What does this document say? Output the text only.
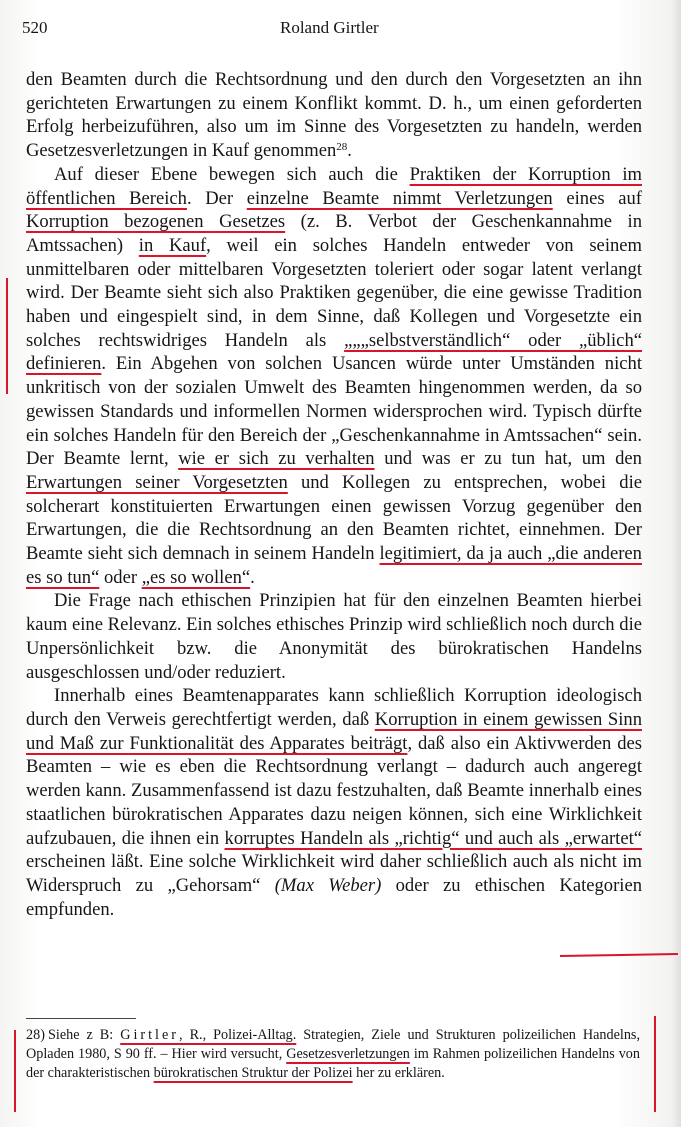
520	Roland Girtler

den Beamten durch die Rechtsordnung und den durch den Vorgesetzten an ihn gerichteten Erwartungen zu einem Konflikt kommt. D. h., um einen geforderten Erfolg herbeizuführen, also um im Sinne des Vorgesetzten zu handeln, werden Gesetzesverletzungen in Kauf genommen$^{28}$.

Auf dieser Ebene bewegen sich auch die Praktiken der Korruption im öffentlichen Bereich. Der einzelne Beamte nimmt Verletzungen eines auf Korruption bezogenen Gesetzes (z. B. Verbot der Geschenkannahme in Amtssachen) in Kauf, weil ein solches Handeln entweder von seinem unmittelbaren oder mittelbaren Vorgesetzten toleriert oder sogar latent verlangt wird. Der Beamte sieht sich also Praktiken gegenüber, die eine gewisse Tradition haben und eingespielt sind, in dem Sinne, daß Kollegen und Vorgesetzte ein solches rechtswidriges Handeln als „„„selbstverständlich“ oder „üblich“ definieren. Ein Abgehen von solchen Usancen würde unter Umständen nicht unkritisch von der sozialen Umwelt des Beamten hingenommen werden, da so gewissen Standards und informellen Normen widersprochen wird. Typisch dürfte ein solches Handeln für den Bereich der „Geschenkannahme in Amtssachen“ sein. Der Beamte lernt, wie er sich zu verhalten und was er zu tun hat, um den Erwartungen seiner Vorgesetzten und Kollegen zu entsprechen, wobei die solcherart konstituierten Erwartungen einen gewissen Vorzug gegenüber den Erwartungen, die die Rechtsordnung an den Beamten richtet, einnehmen. Der Beamte sieht sich demnach in seinem Handeln legitimiert, da ja auch „die anderen es so tun“ oder „es so wollen“.

Die Frage nach ethischen Prinzipien hat für den einzelnen Beamten hierbei kaum eine Relevanz. Ein solches ethisches Prinzip wird schließlich noch durch die Unpersönlichkeit bzw. die Anonymität des bürokratischen Handelns ausgeschlossen und/oder reduziert.

Innerhalb eines Beamtenapparates kann schließlich Korruption ideologisch durch den Verweis gerechtfertigt werden, daß Korruption in einem gewissen Sinn und Maß zur Funktionalität des Apparates beiträgt, daß also ein Aktivwerden des Beamten – wie es eben die Rechtsordnung verlangt – dadurch auch angeregt werden kann. Zusammenfassend ist dazu festzuhalten, daß Beamte innerhalb eines staatlichen bürokratischen Apparates dazu neigen können, sich eine Wirklichkeit aufzubauen, die ihnen ein korruptes Handeln als „richtig“ und auch als „erwartet“ erscheinen läßt. Eine solche Wirklichkeit wird daher schließlich auch als nicht im Widerspruch zu „Gehorsam“ (Max Weber) oder zu ethischen Kategorien empfunden.

28) Siehe z B: Girtler, R., Polizei-Alltag. Strategien, Ziele und Strukturen polizeilichen Handelns, Opladen 1980, S 90 ff. – Hier wird versucht, Gesetzesverletzungen im Rahmen polizeilichen Handelns von der charakteristischen bürokratischen Struktur der Polizei her zu erklären.
